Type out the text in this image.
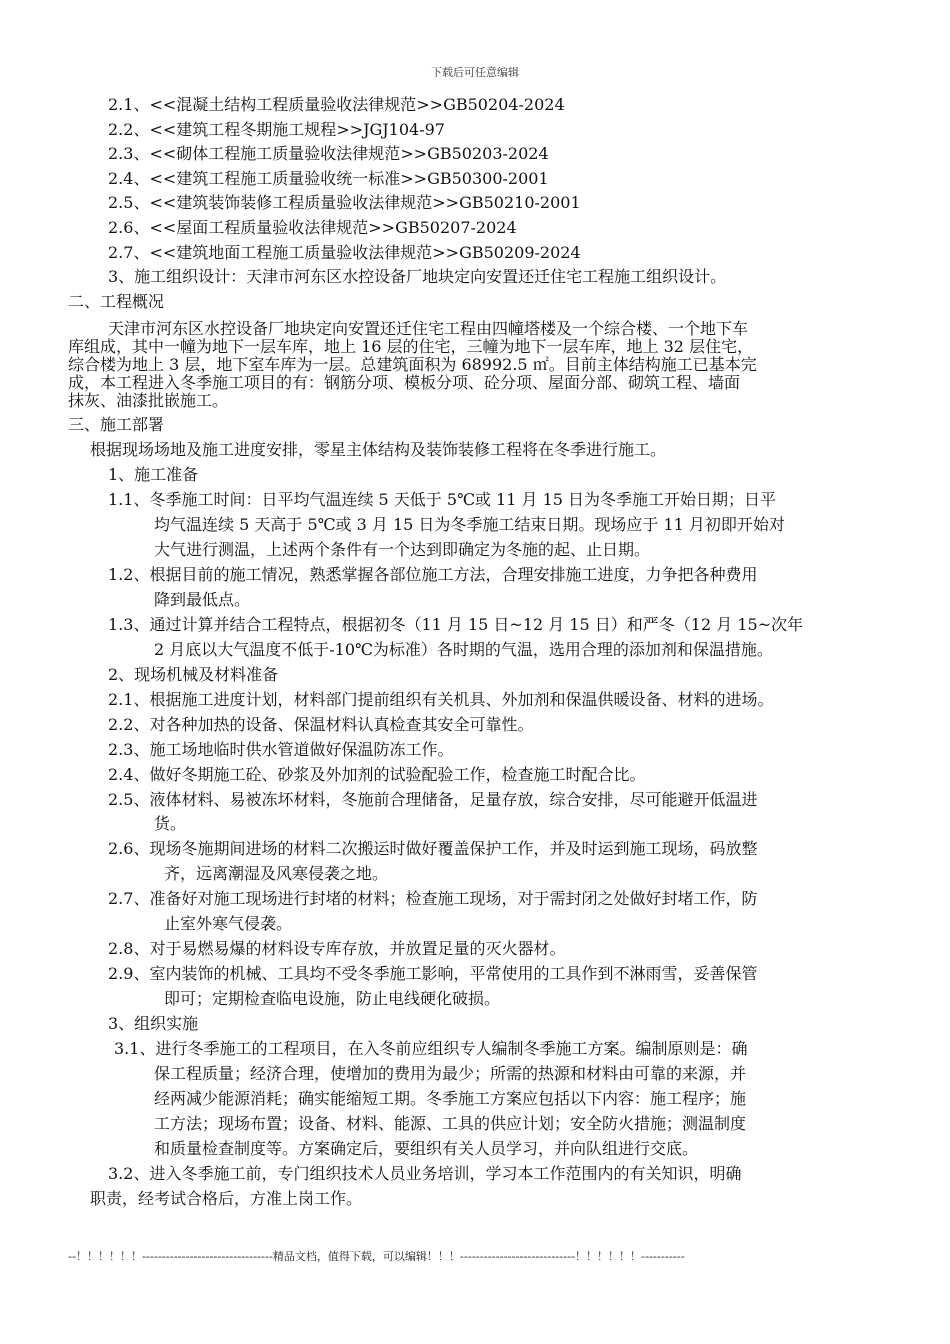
下载后可任意编辑
2.1、<<混凝土结构工程质量验收法律规范>>GB50204-2024
2.2、<<建筑工程冬期施工规程>>JGJ104-97
2.3、<<砌体工程施工质量验收法律规范>>GB50203-2024
2.4、<<建筑工程施工质量验收统一标准>>GB50300-2001
2.5、<<建筑装饰装修工程质量验收法律规范>>GB50210-2001
2.6、<<屋面工程质量验收法律规范>>GB50207-2024
2.7、<<建筑地面工程施工质量验收法律规范>>GB50209-2024
3、施工组织设计：天津市河东区水控设备厂地块定向安置还迁住宅工程施工组织设计。
二、工程概况
天津市河东区水控设备厂地块定向安置还迁住宅工程由四幢塔楼及一个综合楼、一个地下车
库组成，其中一幢为地下一层车库，地上 16 层的住宅，三幢为地下一层车库，地上 32 层住宅，
综合楼为地上 3 层，地下室车库为一层。总建筑面积为 68992.5 ㎡。目前主体结构施工已基本完
成，本工程进入冬季施工项目的有：钢筋分项、模板分项、砼分项、屋面分部、砌筑工程、墙面
抹灰、油漆批嵌施工。
三、施工部署
根据现场场地及施工进度安排，零星主体结构及装饰装修工程将在冬季进行施工。
1、施工准备
1.1、冬季施工时间：日平均气温连续 5 天低于 5℃或 11 月 15 日为冬季施工开始日期；日平
均气温连续 5 天高于 5℃或 3 月 15 日为冬季施工结束日期。现场应于 11 月初即开始对
大气进行测温，上述两个条件有一个达到即确定为冬施的起、止日期。
1.2、根据目前的施工情况，熟悉掌握各部位施工方法，合理安排施工进度，力争把各种费用
降到最低点。
1.3、通过计算并结合工程特点，根据初冬（11 月 15 日~12 月 15 日）和严冬（12 月 15~次年
2 月底以大气温度不低于-10℃为标准）各时期的气温，选用合理的添加剂和保温措施。
2、现场机械及材料准备
2.1、根据施工进度计划，材料部门提前组织有关机具、外加剂和保温供暖设备、材料的进场。
2.2、对各种加热的设备、保温材料认真检查其安全可靠性。
2.3、施工场地临时供水管道做好保温防冻工作。
2.4、做好冬期施工砼、砂浆及外加剂的试验配验工作，检查施工时配合比。
2.5、液体材料、易被冻坏材料，冬施前合理储备，足量存放，综合安排，尽可能避开低温进
货。
2.6、现场冬施期间进场的材料二次搬运时做好覆盖保护工作，并及时运到施工现场，码放整
齐，远离潮湿及风寒侵袭之地。
2.7、准备好对施工现场进行封堵的材料；检查施工现场，对于需封闭之处做好封堵工作，防
止室外寒气侵袭。
2.8、对于易燃易爆的材料设专库存放，并放置足量的灭火器材。
2.9、室内装饰的机械、工具均不受冬季施工影响，平常使用的工具作到不淋雨雪，妥善保管
即可；定期检查临电设施，防止电线硬化破损。
3、组织实施
3.1、进行冬季施工的工程项目，在入冬前应组织专人编制冬季施工方案。编制原则是：确
保工程质量；经济合理，使增加的费用为最少；所需的热源和材料由可靠的来源，并
经两减少能源消耗；确实能缩短工期。冬季施工方案应包括以下内容：施工程序；施
工方法；现场布置；设备、材料、能源、工具的供应计划；安全防火措施；测温制度
和质量检查制度等。方案确定后，要组织有关人员学习，并向队组进行交底。
3.2、进入冬季施工前，专门组织技术人员业务培训，学习本工作范围内的有关知识，明确
职责，经考试合格后，方准上岗工作。
--！！！！！！---------------------------------精品文档，值得下载，可以编辑！！！-----------------------------！！！！！！-----------
